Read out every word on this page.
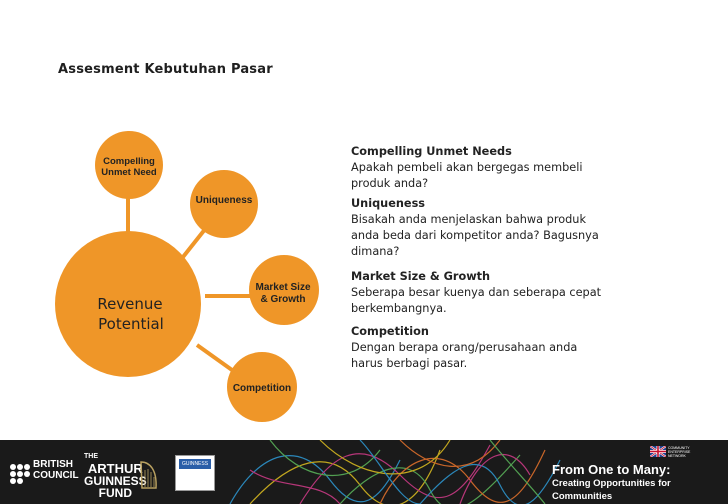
Assesment Kebutuhan Pasar
Revenue
Potential
Compelling
Unmet Need
Uniqueness
Market Size
& Growth
Competition
Compelling Unmet Needs
Apakah pembeli akan bergegas membeli
produk anda?
Uniqueness
Bisakah anda menjelaskan bahwa produk
anda beda dari kompetitor anda? Bagusnya
dimana?
Market Size & Growth
Seberapa besar kuenya dan seberapa cepat
berkembangnya.
Competition
Dengan berapa orang/perusahaan anda
harus berbagi pasar.
BRITISH
COUNCIL
THE
ARTHUR
GUINNESS
FUND
GUINNESS
COMMUNITY
ENTERPRISE
NETWORK
From One to Many:
Creating Opportunities for Communities
